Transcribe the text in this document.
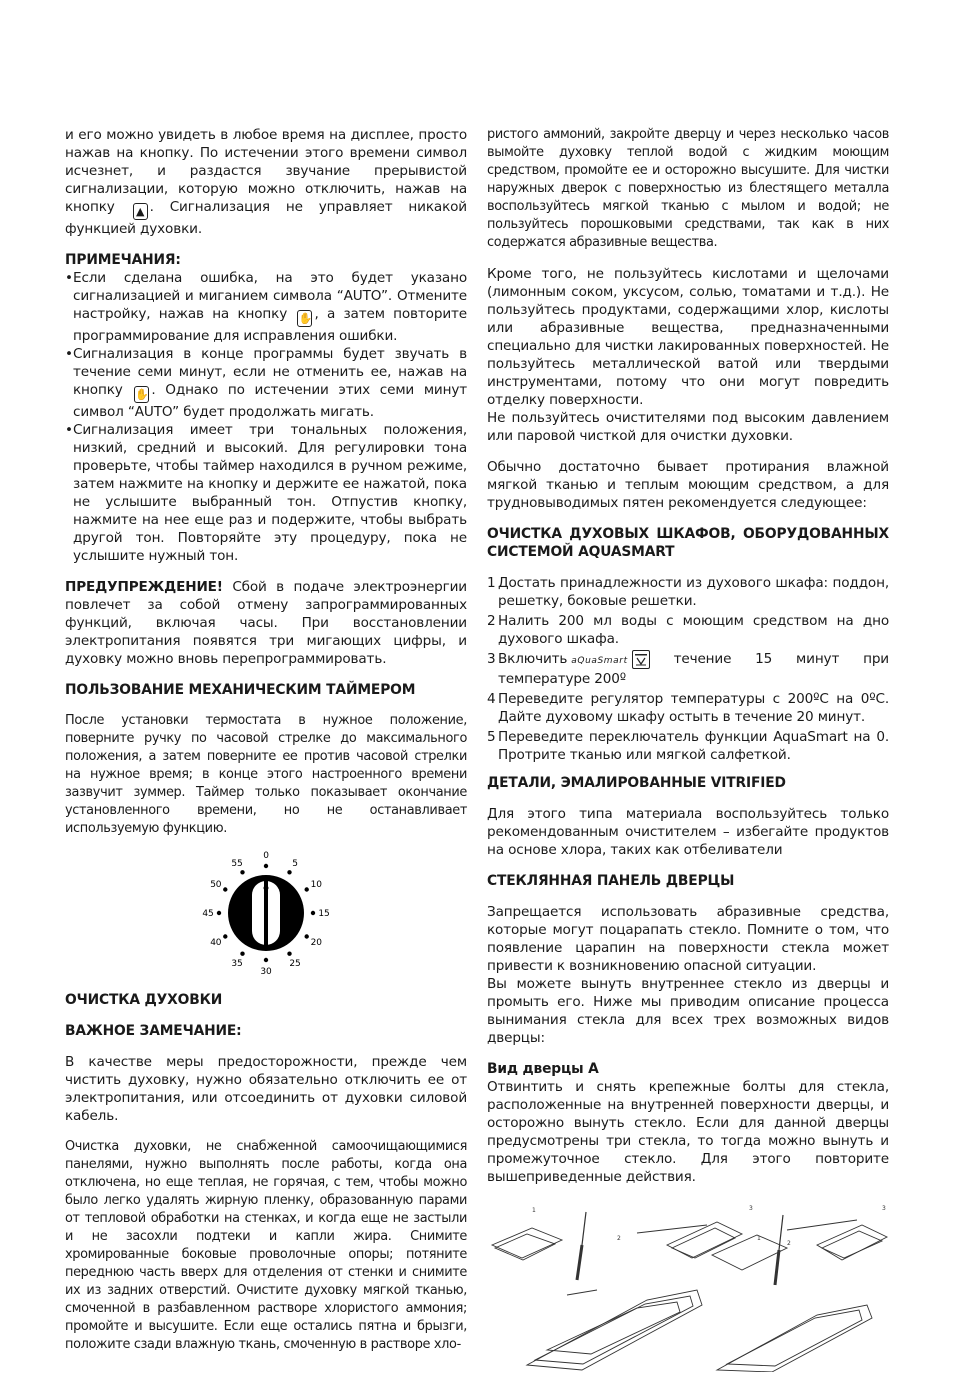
и его можно увидеть в любое время на дисплее, просто нажав на кнопку. По истечении этого времени символ исчезнет, и раздастся звучание прерывистой сигнализации, которую можно отключить, нажав на кнопку ▲ . Сигнализация не управляет никакой функцией духовки.

ПРИМЕЧАНИЯ:

• Если сделана ошибка, на это будет указано сигнализацией и миганием символа “AUTO”. Отмените настройку, нажав на кнопку ✋ , а затем повторите программирование для исправления ошибки.
• Сигнализация в конце программы будет звучать в течение семи минут, если не отменить ее, нажав на кнопку ✋ . Однако по истечении этих семи минут символ “AUTO” будет продолжать мигать.
• Сигнализация имеет три тональных положения, низкий, средний и высокий. Для регулировки тона проверьте, чтобы таймер находился в ручном режиме, затем нажмите на кнопку и держите ее нажатой, пока не услышите выбранный тон. Отпустив кнопку, нажмите на нее еще раз и подержите, чтобы выбрать другой тон. Повторяйте эту процедуру, пока не услышите нужный тон.

ПРЕДУПРЕЖДЕНИЕ! Сбой в подаче электроэнергии повлечет за собой отмену запрограммированных функций, включая часы. При восстановлении электропитания появятся три мигающих цифры, и духовку можно вновь перепрограммировать.

ПОЛЬЗОВАНИЕ МЕХАНИЧЕСКИМ ТАЙМЕРОМ

После установки термостата в нужное положение, поверните ручку по часовой стрелке до максимального положения, а затем поверните ее против часовой стрелки на нужное время; в конце этого настроенного времени зазвучит зуммер. Таймер только показывает окончание установленного времени, но не останавливает используемую функцию.

0
5
10
15
20
25
30
35
40
45
50
55

ОЧИСТКА ДУХОВКИ

ВАЖНОЕ ЗАМЕЧАНИЕ:

В качестве меры предосторожности, прежде чем чистить духовку, нужно обязательно отключить ее от электропитания, или отсоединить от духовки силовой кабель.

Очистка духовки, не снабженной самоочищающимися панелями, нужно выполнять после работы, когда она отключена, но еще теплая, не горячая, с тем, чтобы можно было легко удалять жирную пленку, образованную парами от тепловой обработки на стенках, и когда еще не застыли и не засохли подтеки и капли жира. Снимите хромированные боковые проволочные опоры; потяните переднюю часть вверх для отделения от стенки и снимите их из задних отверстий. Очистите духовку мягкой тканью, смоченной в разбавленном растворе хлористого аммония; промойте и высушите. Если еще остались пятна и брызги, положите сзади влажную ткань, смоченную в растворе хло-

ристого аммоний, закройте дверцу и через несколько часов вымойте духовку теплой водой с жидким моющим средством, промойте ее и осторожно высушите. Для чистки наружных дверок с поверхностью из блестящего металла воспользуйтесь мягкой тканью с мылом и водой; не пользуйтесь порошковыми средствами, так как в них содержатся абразивные вещества.

Кроме того, не пользуйтесь кислотами и щелочами (лимонным соком, уксусом, солью, томатами и т.д.). Не пользуйтесь продуктами, содержащими хлор, кислоты или абразивные вещества, предназначенными специально для чистки лакированных поверхностей. Не пользуйтесь металлической ватой или твердыми инструментами, потому что они могут повредить отделку поверхности.

Не пользуйтесь очистителями под высоким давлением или паровой чисткой для очистки духовки.

Обычно достаточно бывает протирания влажной мягкой тканью и теплым моющим средством, а для трудновыводимых пятен рекомендуется следующее:

ОЧИСТКА ДУХОВЫХ ШКАФОВ, ОБОРУДОВАННЫХ СИСТЕМОЙ AQUASMART

1 Достать принадлежности из духового шкафа: поддон, решетку, боковые решетки.
2 Налить 200 мл воды с моющим средством на дно духового шкафа.
3 Включить aQuaSmart течение 15 минут при температуре 200º
4 Переведите регулятор температуры с 200ºC на 0ºC. Дайте духовому шкафу остыть в течение 20 минут.
5 Переведите переключатель функции AquaSmart на 0. Протрите тканью или мягкой салфеткой.

ДЕТАЛИ, ЭМАЛИРОВАННЫЕ VITRIFIED

Для этого типа материала воспользуйтесь только рекомендованным очистителем – избегайте продуктов на основе хлора, таких как отбеливатели

СТЕКЛЯННАЯ ПАНЕЛЬ ДВЕРЦЫ

Запрещается использовать абразивные средства, которые могут поцарапать стекло. Помните о том, что появление царапин на поверхности стекла может привести к возникновению опасной ситуации.

Вы можете вынуть внутреннее стекло из дверцы и промыть его. Ниже мы приводим описание процесса вынимания стекла для всех трех возможных видов дверцы:

Вид дверцы А

Отвинтить и снять крепежные болты для стекла, расположенные на внутренней поверхности дверцы, и осторожно вынуть стекло. Если для данной дверцы предусмотрены три стекла, то тогда можно вынуть и промежуточное стекло. Для этого повторите вышеприведенные действия.

1
2
3
1
2
3
